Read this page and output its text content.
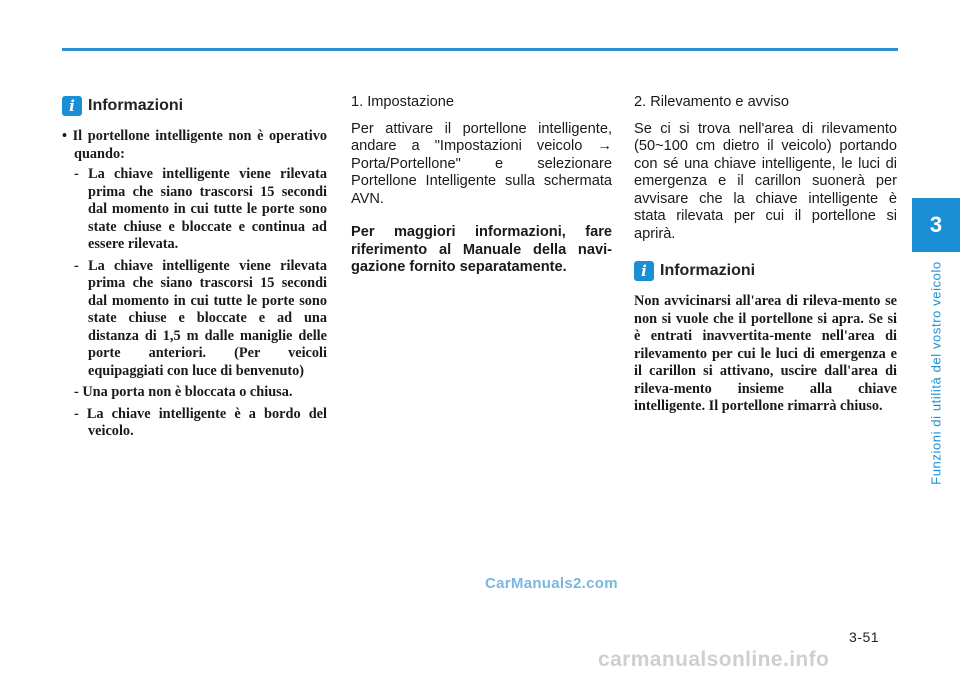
3
Funzioni di utilità del vostro veicolo
i Informazioni

• Il portellone intelligente non è operativo quando:

- La chiave intelligente viene rilevata prima che siano trascorsi 15 secondi dal momento in cui tutte le porte sono state chiuse e bloccate e continua ad essere rilevata.

- La chiave intelligente viene rilevata prima che siano trascorsi 15 secondi dal momento in cui tutte le porte sono state chiuse e bloccate e ad una distanza di 1,5 m dalle maniglie delle porte anteriori. (Per veicoli equipaggiati con luce di benvenuto)

- Una porta non è bloccata o chiusa.

- La chiave intelligente è a bordo del veicolo.

1. Impostazione

Per attivare il portellone intelligente, andare a "Impostazioni veicolo → Porta/Portellone" e selezionare Portellone Intelligente sulla schermata AVN.

Per maggiori informazioni, fare riferimento al Manuale della navi-gazione fornito separatamente.

2. Rilevamento e avviso

Se ci si trova nell'area di rilevamento (50~100 cm dietro il veicolo) portando con sé una chiave intelligente, le luci di emergenza e il carillon suonerà per avvisare che la chiave intelligente è stata rilevata per cui il portellone si aprirà.

i Informazioni

Non avvicinarsi all'area di rileva-mento se non si vuole che il portellone si apra. Se si è entrati inavvertita-mente nell'area di rilevamento per cui le luci di emergenza e il carillon si attivano, uscire dall'area di rileva-mento insieme alla chiave intelligente. Il portellone rimarrà chiuso.

CarManuals2.com
3-51
carmanualsonline.info
